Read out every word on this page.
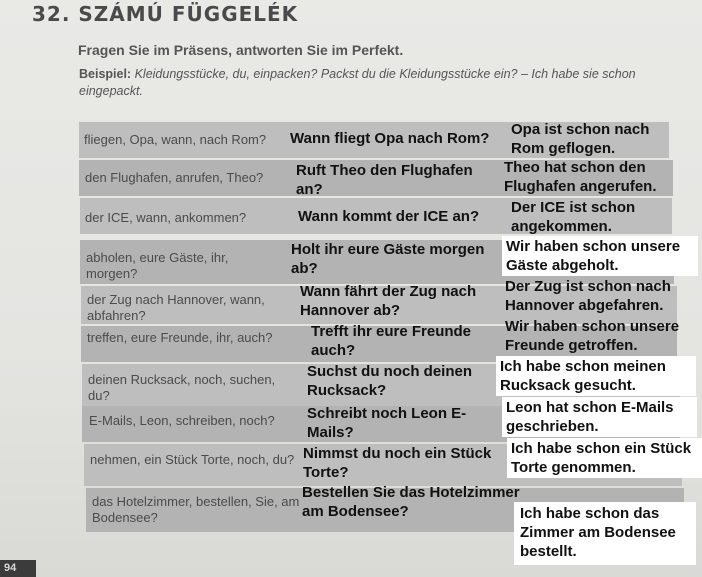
32. SZÁMÚ FÜGGELÉK

Fragen Sie im Präsens, antworten Sie im Perfekt.

Beispiel: Kleidungsstücke, du, einpacken? Packst du die Kleidungsstücke ein? – Ich habe sie schon eingepackt.

fliegen, Opa, wann, nach Rom?
den Flughafen, anrufen, Theo?
der ICE, wann, ankommen?
abholen, eure Gäste, ihr, morgen?
der Zug nach Hannover, wann, abfahren?
treffen, eure Freunde, ihr, auch?
deinen Rucksack, noch, suchen, du?
E-Mails, Leon, schreiben, noch?
nehmen, ein Stück Torte, noch, du?
das Hotelzimmer, bestellen, Sie, am Bodensee?
Wann fliegt Opa nach Rom?
Ruft Theo den Flughafen an?
Wann kommt der ICE an?
Holt ihr eure Gäste morgen ab?
Wann fährt der Zug nach Hannover ab?
Trefft ihr eure Freunde auch?
Suchst du noch deinen Rucksack?
Schreibt noch Leon E-Mails?
Nimmst du noch ein Stück Torte?
Bestellen Sie das Hotelzimmer am Bodensee?
Opa ist schon nach Rom geflogen.
Theo hat schon den Flughafen angerufen.
Der ICE ist schon angekommen.
Wir haben schon unsere Gäste abgeholt.
Der Zug ist schon nach Hannover abgefahren.
Wir haben schon unsere Freunde getroffen.
Ich habe schon meinen Rucksack gesucht.
Leon hat schon E-Mails geschrieben.
Ich habe schon ein Stück Torte genommen.
Ich habe schon das Zimmer am Bodensee bestellt.
94
